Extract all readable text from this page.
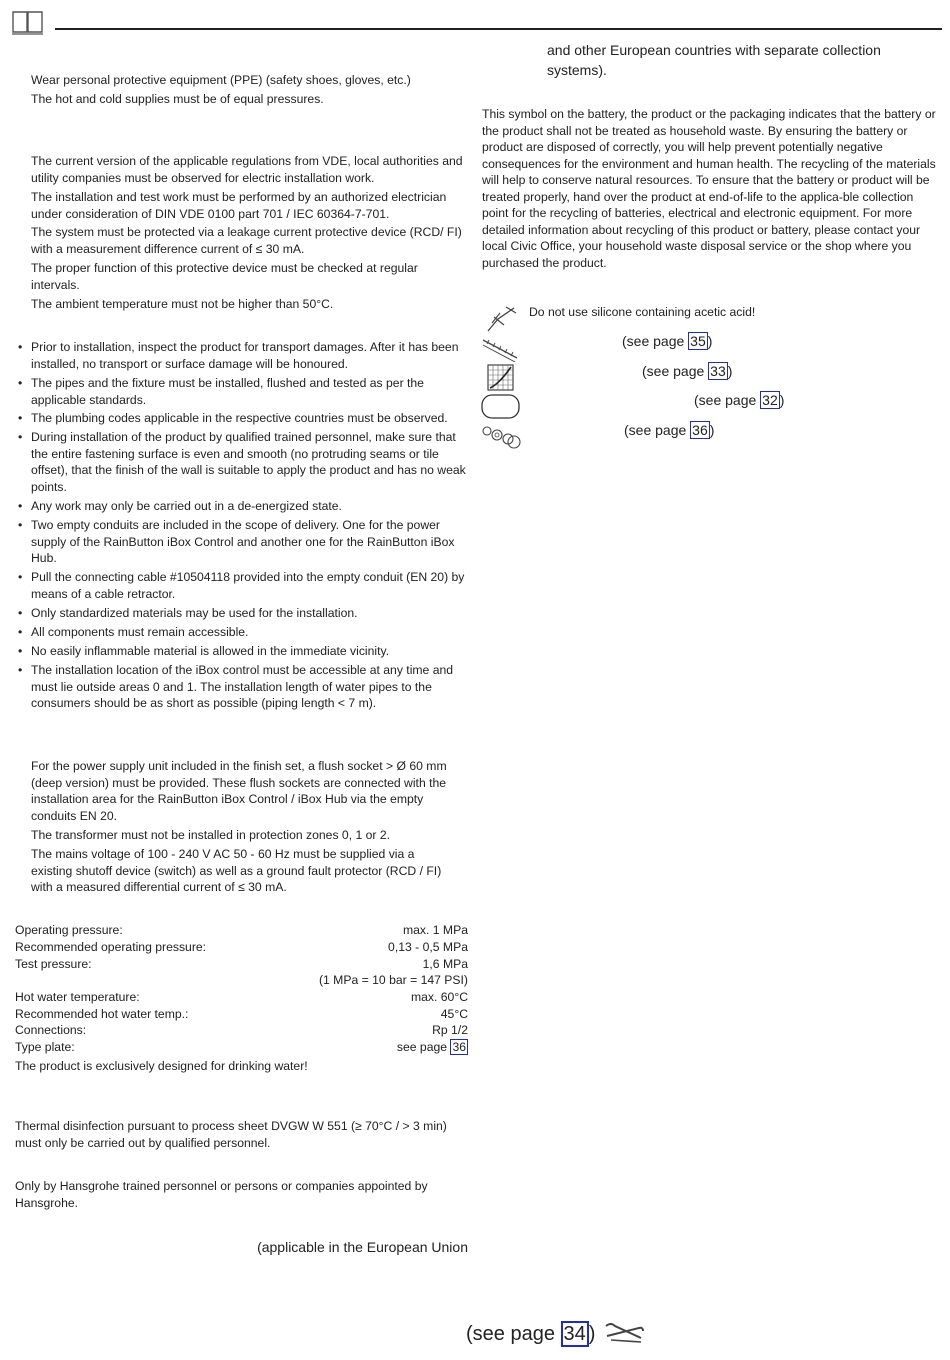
Wear personal protective equipment (PPE) (safety shoes, gloves, etc.)
The hot and cold supplies must be of equal pressures.
The current version of the applicable regulations from VDE, local authorities and utility companies must be observed for electric installation work.
The installation and test work must be performed by an authorized electrician under consideration of DIN VDE 0100 part 701 / IEC 60364-7-701.
The system must be protected via a leakage current protective device (RCD/ FI) with a measurement difference current of ≤ 30 mA.
The proper function of this protective device must be checked at regular intervals.
The ambient temperature must not be higher than 50°C.
• Prior to installation, inspect the product for transport damages. After it has been installed, no transport or surface damage will be honoured.
• The pipes and the fixture must be installed, flushed and tested as per the applicable standards.
• The plumbing codes applicable in the respective countries must be observed.
• During installation of the product by qualified trained personnel, make sure that the entire fastening surface is even and smooth (no protruding seams or tile offset), that the finish of the wall is suitable to apply the product and has no weak points.
• Any work may only be carried out in a de-energized state.
• Two empty conduits are included in the scope of delivery. One for the power supply of the RainButton iBox Control and another one for the RainButton iBox Hub.
• Pull the connecting cable #10504118 provided into the empty conduit (EN 20) by means of a cable retractor.
• Only standardized materials may be used for the installation.
• All components must remain accessible.
• No easily inflammable material is allowed in the immediate vicinity.
• The installation location of the iBox control must be accessible at any time and must lie outside areas 0 and 1. The installation length of water pipes to the consumers should be as short as possible (piping length < 7 m).
For the power supply unit included in the finish set, a flush socket > Ø 60 mm (deep version) must be provided. These flush sockets are connected with the installation area for the RainButton iBox Control / iBox Hub via the empty conduits EN 20.
The transformer must not be installed in protection zones 0, 1 or 2.
The mains voltage of 100 - 240 V AC 50 - 60 Hz must be supplied via a existing shutoff device (switch) as well as a ground fault protector (RCD / FI) with a measured differential current of ≤ 30 mA.
Operating pressure:	max. 1 MPa
Recommended operating pressure:	0,13 - 0,5 MPa
Test pressure:	1,6 MPa
(1 MPa = 10 bar = 147 PSI)
Hot water temperature:	max. 60°C
Recommended hot water temp.:	45°C
Connections:	Rp 1/2
Type plate:	see page 36
The product is exclusively designed for drinking water!
Thermal disinfection pursuant to process sheet DVGW W 551 (≥ 70°C / > 3 min) must only be carried out by qualified personnel.
Only by Hansgrohe trained personnel or persons or companies appointed by Hansgrohe.
(applicable in the European Union
and other European countries with separate collection systems).
This symbol on the battery, the product or the packaging indicates that the battery or the product shall not be treated as household waste. By ensuring the battery or product are disposed of correctly, you will help prevent potentially negative consequences for the environment and human health. The recycling of the materials will help to conserve natural resources. To ensure that the battery or product will be treated properly, hand over the product at end-of-life to the applica-ble collection point for the recycling of batteries, electrical and electronic equipment. For more detailed information about recycling of this product or battery, please contact your local Civic Office, your household waste disposal service or the shop where you purchased the product.
Do not use silicone containing acetic acid!
(see page 35 )
(see page 33 )
(see page 32 )
(see page 36 )
(see page 34 )
